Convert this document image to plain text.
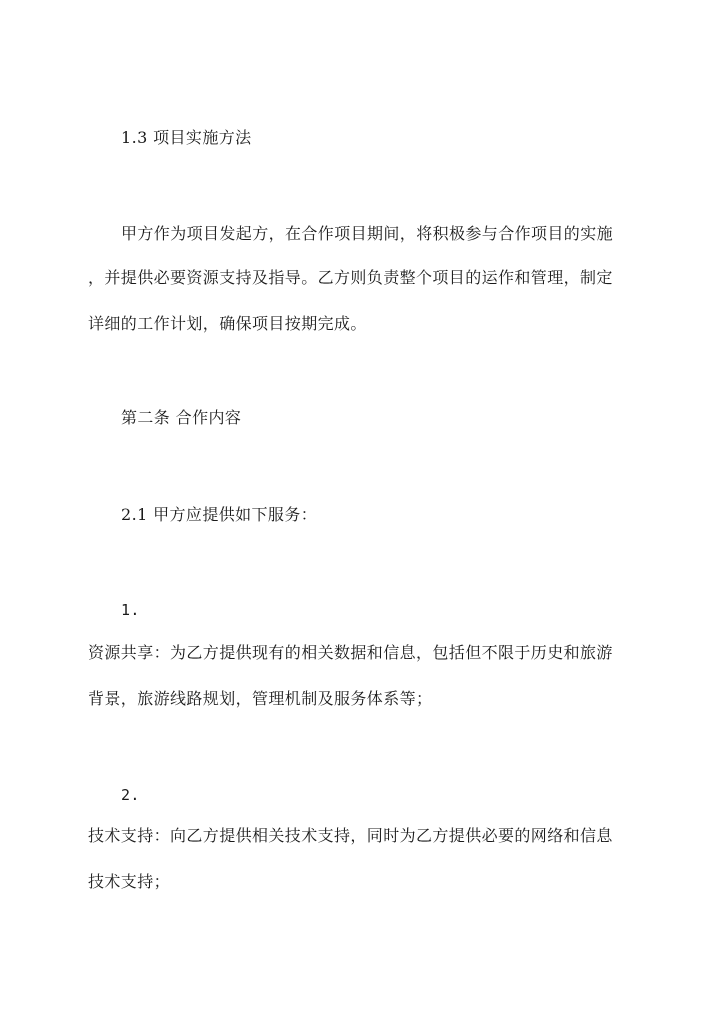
1.3 项目实施方法
甲方作为项目发起方，在合作项目期间，将积极参与合作项目的实施
，并提供必要资源支持及指导。乙方则负责整个项目的运作和管理，制定
详细的工作计划，确保项目按期完成。
第二条 合作内容
2.1 甲方应提供如下服务：
1.
资源共享：为乙方提供现有的相关数据和信息，包括但不限于历史和旅游
背景，旅游线路规划，管理机制及服务体系等；
2.
技术支持：向乙方提供相关技术支持，同时为乙方提供必要的网络和信息
技术支持；
